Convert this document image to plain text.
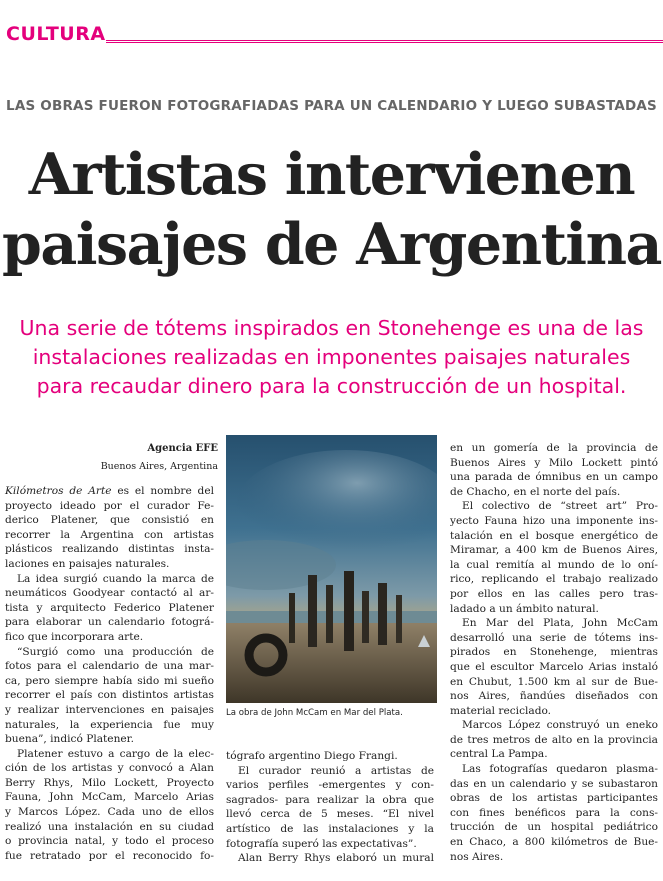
CULTURA
LAS OBRAS FUERON FOTOGRAFIADAS PARA UN CALENDARIO Y LUEGO SUBASTADAS
Artistas intervienen
paisajes de Argentina
Una serie de tótems inspirados en Stonehenge es una de las
instalaciones realizadas en imponentes paisajes naturales
para recaudar dinero para la construcción de un hospital.
Agencia EFE
Buenos Aires, Argentina
Kilómetros de Arte es el nombre del
proyecto ideado por el curador Fe-
derico Platener, que consistió en
recorrer la Argentina con artistas
plásticos realizando distintas insta-
laciones en paisajes naturales.
La idea surgió cuando la marca de
neumáticos Goodyear contactó al ar-
tista y arquitecto Federico Platener
para elaborar un calendario fotográ-
fico que incorporara arte.
“Surgió como una producción de
fotos para el calendario de una mar-
ca, pero siempre había sido mi sueño
recorrer el país con distintos artistas
y realizar intervenciones en paisajes
naturales, la experiencia fue muy
buena”, indicó Platener.
Platener estuvo a cargo de la elec-
ción de los artistas y convocó a Alan
Berry Rhys, Milo Lockett, Proyecto
Fauna, John McCam, Marcelo Arias
y Marcos López. Cada uno de ellos
realizó una instalación en su ciudad
o provincia natal, y todo el proceso
fue retratado por el reconocido fo-
La obra de John McCam en Mar del Plata.
tógrafo argentino Diego Frangi.
El curador reunió a artistas de
varios perfiles -emergentes y con-
sagrados- para realizar la obra que
llevó cerca de 5 meses. “El nivel
artístico de las instalaciones y la
fotografía superó las expectativas”.
Alan Berry Rhys elaboró un mural
en un gomería de la provincia de
Buenos Aires y Milo Lockett pintó
una parada de ómnibus en un campo
de Chacho, en el norte del país.
El colectivo de “street art” Pro-
yecto Fauna hizo una imponente ins-
talación en el bosque energético de
Miramar, a 400 km de Buenos Aires,
la cual remitía al mundo de lo oní-
rico, replicando el trabajo realizado
por ellos en las calles pero tras-
ladado a un ámbito natural.
En Mar del Plata, John McCam
desarrolló una serie de tótems ins-
pirados en Stonehenge, mientras
que el escultor Marcelo Arias instaló
en Chubut, 1.500 km al sur de Bue-
nos Aires, ñandúes diseñados con
material reciclado.
Marcos López construyó un eneko
de tres metros de alto en la provincia
central La Pampa.
Las fotografías quedaron plasma-
das en un calendario y se subastaron
obras de los artistas participantes
con fines benéficos para la cons-
trucción de un hospital pediátrico
en Chaco, a 800 kilómetros de Bue-
nos Aires.
